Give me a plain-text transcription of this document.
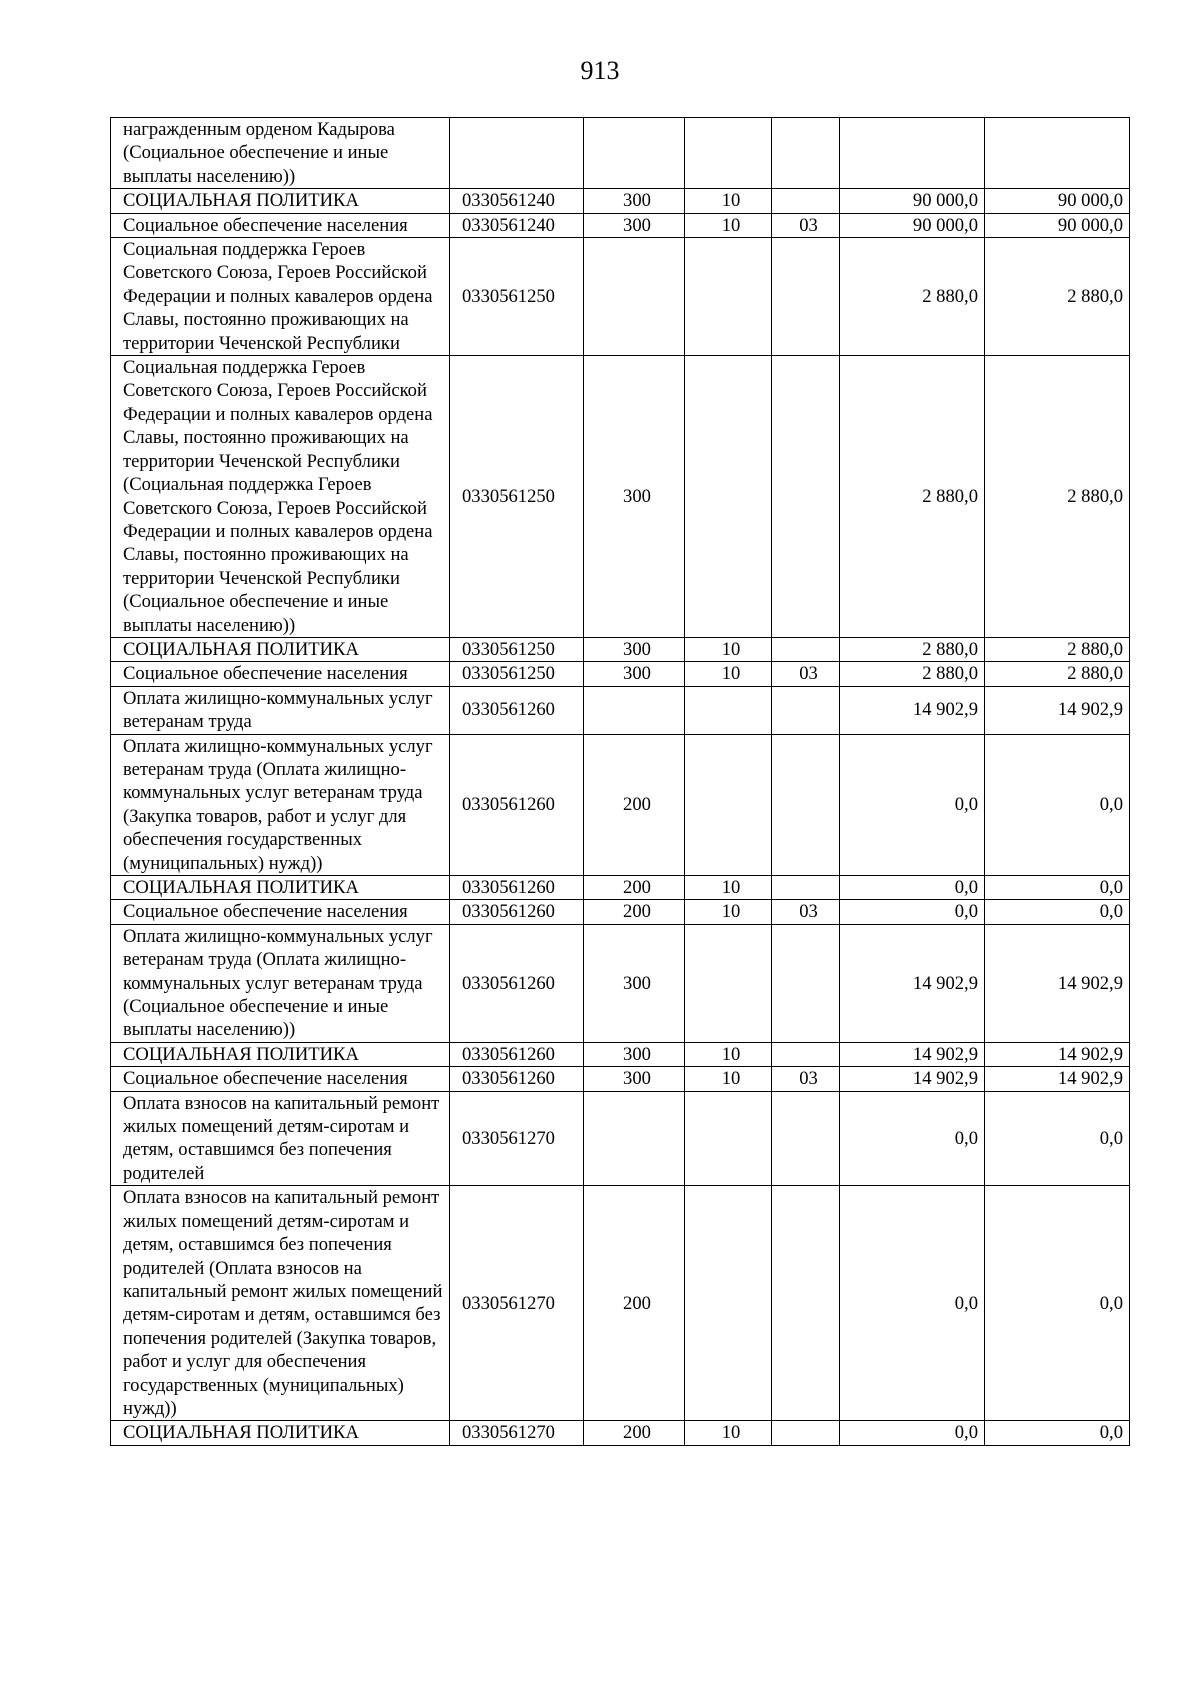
913
награжденным орденом Кадырова (Социальное обеспечение и иные выплаты населению))						
СОЦИАЛЬНАЯ ПОЛИТИКА	0330561240	300	10		90 000,0	90 000,0
Социальное обеспечение населения	0330561240	300	10	03	90 000,0	90 000,0
Социальная поддержка Героев Советского Союза, Героев Российской Федерации и полных кавалеров ордена Славы, постоянно проживающих на территории Чеченской Республики	0330561250				2 880,0	2 880,0
Социальная поддержка Героев Советского Союза, Героев Российской Федерации и полных кавалеров ордена Славы, постоянно проживающих на территории Чеченской Республики (Социальная поддержка Героев Советского Союза, Героев Российской Федерации и полных кавалеров ордена Славы, постоянно проживающих на территории Чеченской Республики (Социальное обеспечение и иные выплаты населению))	0330561250	300			2 880,0	2 880,0
СОЦИАЛЬНАЯ ПОЛИТИКА	0330561250	300	10		2 880,0	2 880,0
Социальное обеспечение населения	0330561250	300	10	03	2 880,0	2 880,0
Оплата жилищно-коммунальных услуг ветеранам труда	0330561260				14 902,9	14 902,9
Оплата жилищно-коммунальных услуг ветеранам труда (Оплата жилищно-коммунальных услуг ветеранам труда (Закупка товаров, работ и услуг для обеспечения государственных (муниципальных) нужд))	0330561260	200			0,0	0,0
СОЦИАЛЬНАЯ ПОЛИТИКА	0330561260	200	10		0,0	0,0
Социальное обеспечение населения	0330561260	200	10	03	0,0	0,0
Оплата жилищно-коммунальных услуг ветеранам труда (Оплата жилищно-коммунальных услуг ветеранам труда (Социальное обеспечение и иные выплаты населению))	0330561260	300			14 902,9	14 902,9
СОЦИАЛЬНАЯ ПОЛИТИКА	0330561260	300	10		14 902,9	14 902,9
Социальное обеспечение населения	0330561260	300	10	03	14 902,9	14 902,9
Оплата взносов на капитальный ремонт жилых помещений детям-сиротам и детям, оставшимся без попечения родителей	0330561270				0,0	0,0
Оплата взносов на капитальный ремонт жилых помещений детям-сиротам и детям, оставшимся без попечения родителей (Оплата взносов на капитальный ремонт жилых помещений детям-сиротам и детям, оставшимся без попечения родителей (Закупка товаров, работ и услуг для обеспечения государственных (муниципальных) нужд))	0330561270	200			0,0	0,0
СОЦИАЛЬНАЯ ПОЛИТИКА	0330561270	200	10		0,0	0,0
